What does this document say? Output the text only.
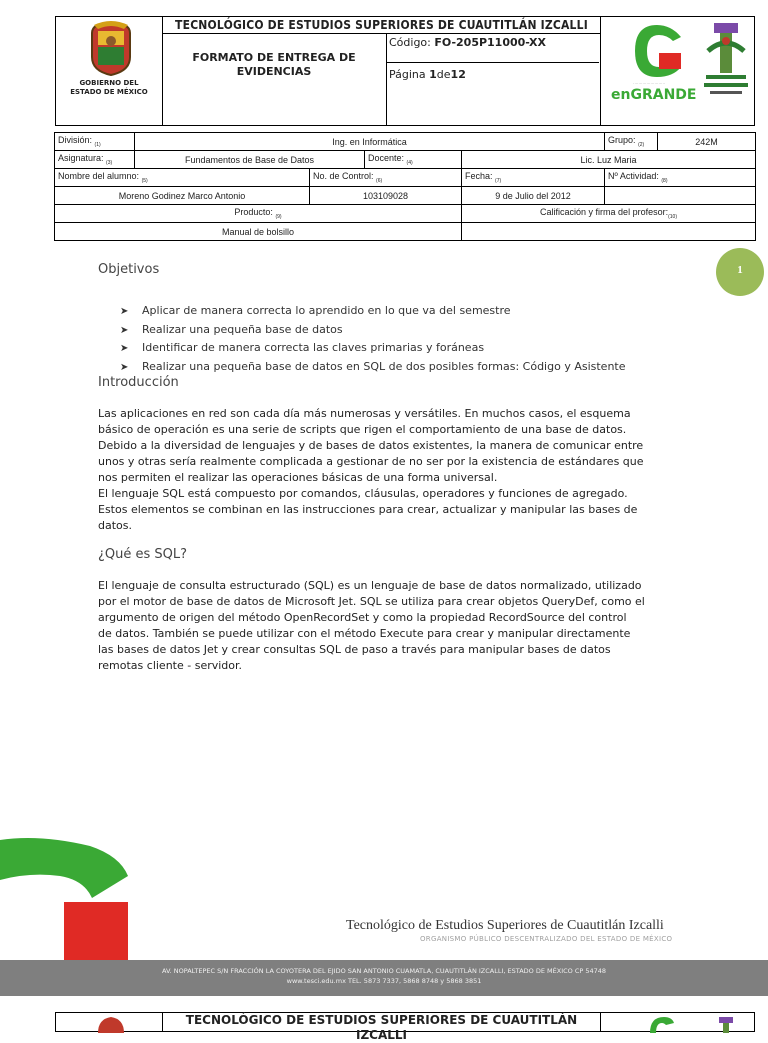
TECNOLÓGICO DE ESTUDIOS SUPERIORES DE CUAUTITLÁN IZCALLI
GOBIERNO DEL
ESTADO DE MÉXICO
FORMATO DE ENTREGA DE EVIDENCIAS
Código: FO-205P11000-XX
Página 1de12
⋯⋯⋯⋯⋯⋯⋯⋯
enGRANDE
División: $_{(1)}$	Ing. en Informática				Grupo: $_{(2)}$	242M
Asignatura: $_{(3)}$	Fundamentos de Base de Datos		Docente: $_{(4)}$	Lic. Luz Maria		
Nombre del alumno: $_{(5)}$		No. de Control: $_{(6)}$		Fecha: $_{(7)}$	Nº Actividad: $_{(8)}$
Moreno Godinez Marco Antonio		103109028		9 de Julio del 2012		
Producto: $_{(9)}$				Calificación y firma del $profesor:_{(10)}$
Manual de bolsillo						
1
Objetivos
➤ Aplicar de manera correcta lo aprendido en lo que va del semestre
➤ Realizar una pequeña base de datos
➤ Identificar de manera correcta las claves primarias y foráneas
➤ Realizar una pequeña base de datos en SQL de dos posibles formas: Código y Asistente
Introducción

Las aplicaciones en red son cada día más numerosas y versátiles. En muchos casos, el esquema
básico de operación es una serie de scripts que rigen el comportamiento de una base de datos.
Debido a la diversidad de lenguajes y de bases de datos existentes, la manera de comunicar entre
unos y otras sería realmente complicada a gestionar de no ser por la existencia de estándares que
nos permiten el realizar las operaciones básicas de una forma universal.
El lenguaje SQL está compuesto por comandos, cláusulas, operadores y funciones de agregado.
Estos elementos se combinan en las instrucciones para crear, actualizar y manipular las bases de
datos.

¿Qué es SQL?

El lenguaje de consulta estructurado (SQL) es un lenguaje de base de datos normalizado, utilizado
por el motor de base de datos de Microsoft Jet. SQL se utiliza para crear objetos QueryDef, como el
argumento de origen del método OpenRecordSet y como la propiedad RecordSource del control
de datos. También se puede utilizar con el método Execute para crear y manipular directamente
las bases de datos Jet y crear consultas SQL de paso a través para manipular bases de datos
remotas cliente - servidor.

Tecnológico de Estudios Superiores de Cuautitlán Izcalli
ORGANISMO PÚBLICO DESCENTRALIZADO DEL ESTADO DE MÉXICO
AV. NOPALTEPEC S/N FRACCIÓN LA COYOTERA DEL EJIDO SAN ANTONIO CUAMATLA, CUAUTITLÁN IZCALLI, ESTADO DE MÉXICO CP 54748
www.tesci.edu.mx TEL. 5873 7337, 5868 8748 y 5868 3851
TECNOLÓGICO DE ESTUDIOS SUPERIORES DE CUAUTITLÁN IZCALLI
